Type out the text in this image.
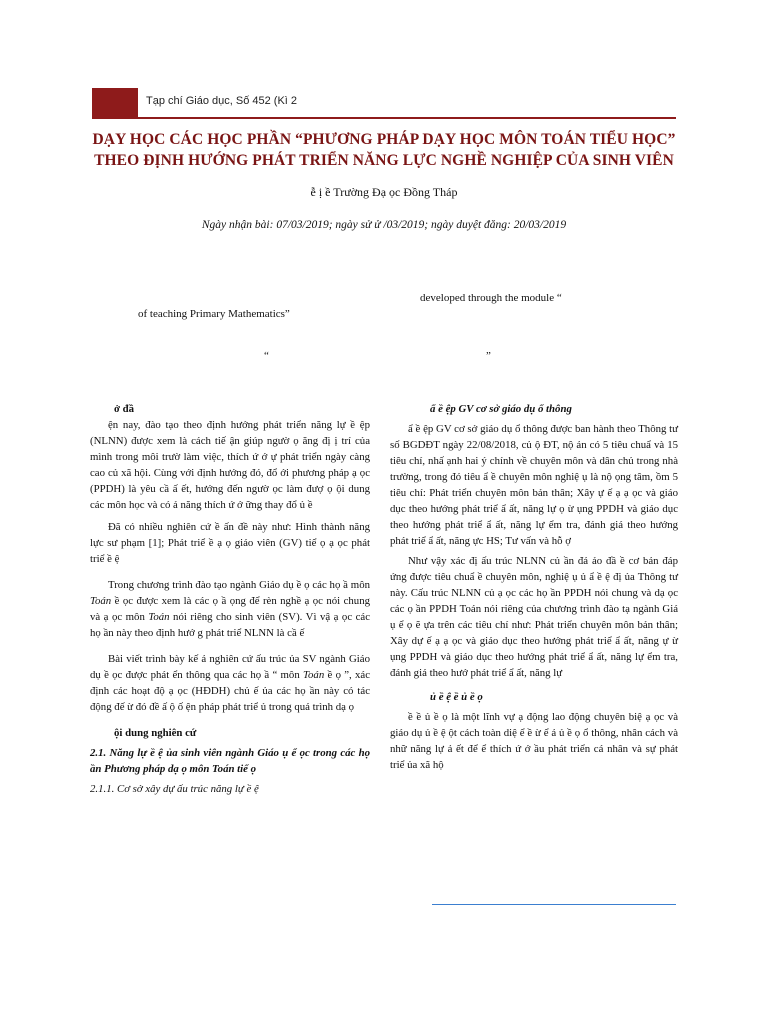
Tạp chí Giáo dục, Số 452 (Kì 2
DẠY HỌC CÁC HỌC PHẦN “PHƯƠNG PHÁP DẠY HỌC MÔN TOÁN TIỂU HỌC”
THEO ĐỊNH HƯỚNG PHÁT TRIỂN NĂNG LỰC NGHỀ NGHIỆP CỦA SINH VIÊN
ễ ị ề Trường Đạ ọc Đồng Tháp
Ngày nhận bài: 07/03/2019; ngày sử ử /03/2019; ngày duyệt đăng: 20/03/2019
developed through the module “
of teaching Primary Mathematics”
“	”

ở đầ

ện nay, đào tạo theo định hướng phát triển năng lự ề ệp (NLNN) được xem là cách tiế ận giúp ngườ ọ ăng đị ị trí của mình trong môi trườ làm việc, thích ứ ớ ự phát triển ngày càng cao củ xã hội. Cùng với định hướng đó, đổ ới phương pháp ạ ọc (PPDH) là yêu cầ ấ ết, hướng đến ngườ ọc làm đượ ọ ội dung các môn học và có ả năng thích ứ ớ ững thay đổ ủ ề

Đã có nhiều nghiên cứ ề ấn đề này như: Hình thành năng lực sư phạm [1]; Phát triể ề ạ ọ giáo viên (GV) tiể ọ ạ ọc phát triể ề ệ

Trong chương trình đào tạo ngành Giáo dụ ề ọ các họ ầ môn Toán ề ọc được xem là các ọ ầ ọng để rèn nghề ạ ọc nói chung và ạ ọc môn Toán nói riêng cho sinh viên (SV). Vì vậ ạ ọc các họ ần này theo định hướ g phát triể NLNN là cầ ế

Bài viết trình bày kế ả nghiên cứ ấu trúc ủa SV ngành Giáo dụ ề ọc được phát ển thông qua các họ ầ “ môn Toán ề ọ ”, xác định các hoạt độ ạ ọc (HĐDH) chủ ế ủa các họ ần này có tác động đế ừ đó đề ấ ộ ố ện pháp phát triể ủ trong quá trình dạ ọ

ội dung nghiên cứ

2.1. Năng lự ề ệ ủa sinh viên ngành Giáo ụ ể ọc trong các họ ần Phương pháp dạ ọ môn Toán tiể ọ

2.1.1. Cơ sở xây dự ấu trúc năng lự ề ệ

ẩ ề ệp GV cơ sở giáo dụ ổ thông

ẩ ề ệp GV cơ sở giáo dụ ổ thông được ban hành theo Thông tư số BGDĐT ngày 22/08/2018, củ ộ ĐT, nộ ản có 5 tiêu chuẩ và 15 tiêu chí, nhấ ạnh hai ý chính về chuyên môn và dân chủ trong nhà trường, trong đó tiêu ẩ ề chuyên môn nghiệ ụ là nộ ọng tâm, ồm 5 tiêu chí: Phát triển chuyên môn bản thân; Xây ự ế ạ ạ ọc và giáo dục theo hướng phát triể ẩ ất, năng lự ọ ừ ụng PPDH và giáo dục theo hướng phát triể ẩ ất, năng lự ểm tra, đánh giá theo hướng phát triể ẩ ất, năng ực HS; Tư vấn và hỗ ợ

Như vậy xác đị ấu trúc NLNN củ ần đả ảo đầ ề cơ bản đáp ứng được tiêu chuẩ ề chuyên môn, nghiệ ụ ủ ẩ ề ệ đị ủa Thông tư này. Cấu trúc NLNN củ ạ ọc các họ ần PPDH nói chung và dạ ọc các ọ ần PPDH Toán nói riêng của chương trình đào tạ ngành Giá ụ ể ọ ẽ ựa trên các tiêu chí như: Phát triển chuyên môn bản thân; Xây dự ế ạ ạ ọc và giáo dục theo hướng phát triể ẩ ất, năng ự ừ ụng PPDH và giáo dục theo hướng phát triể ẩ ất, năng lự ểm tra, đánh giá theo hướ phát triể ẩ ất, năng lự

ủ ề ệ ề ủ ề ọ

ề ề ủ ề ọ là một lĩnh vự ạ động lao động chuyên biệ ạ ọc và giáo dụ ủ ề ệ ột cách toàn diệ ể ề ừ ể ả ủ ề ọ ổ thông, nhân cách và nhữ năng lự ả ết để ể thích ứ ớ ầu phát triển cá nhân và sự phát triể ủa xã hộ
